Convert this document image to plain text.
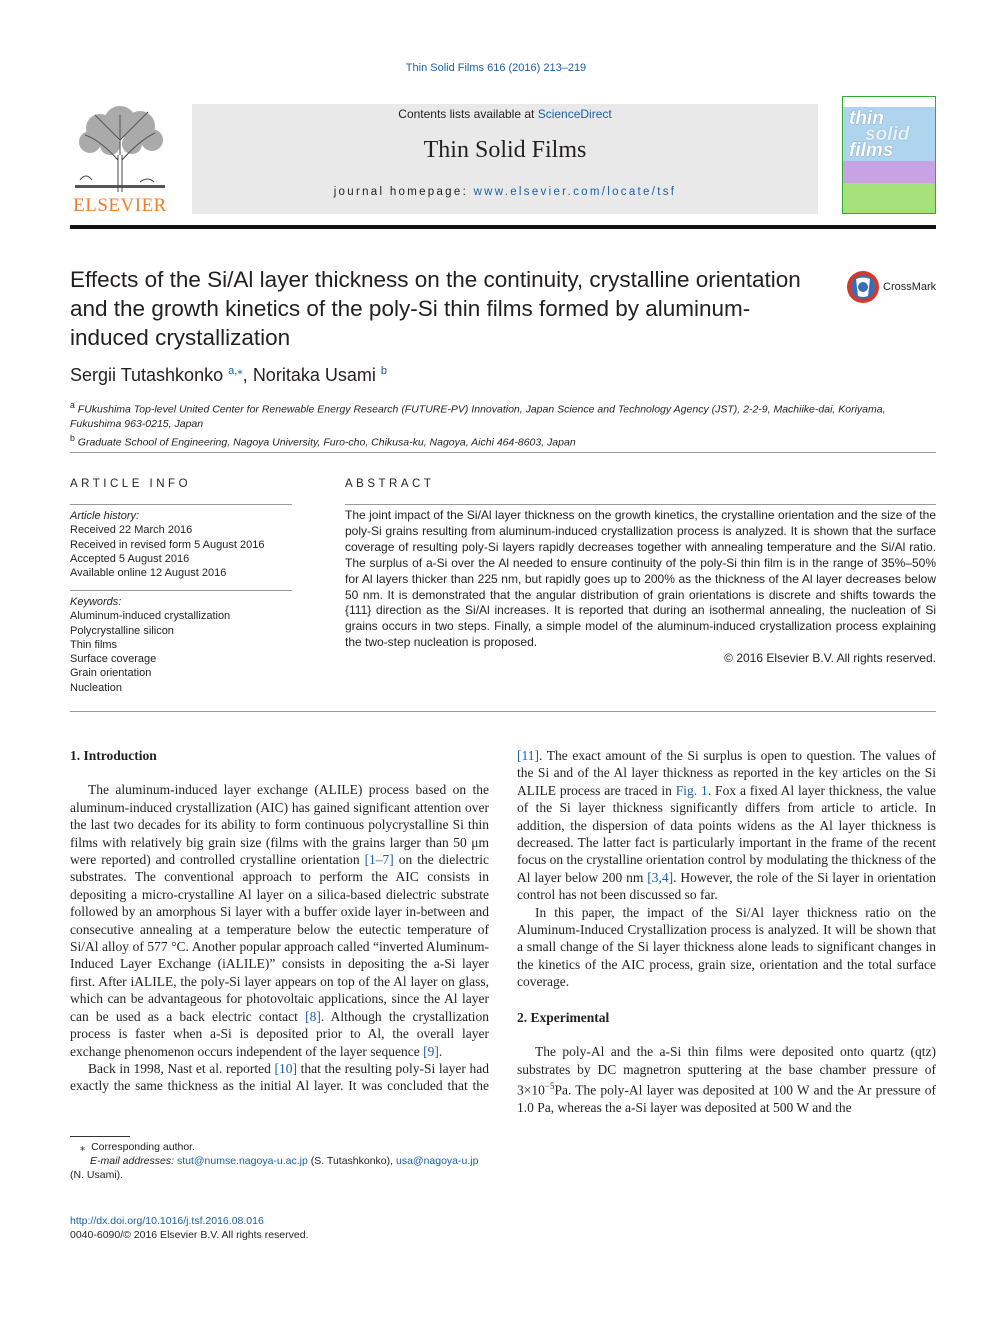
Thin Solid Films 616 (2016) 213–219
ELSEVIER
Contents lists available at ScienceDirect
Thin Solid Films
journal homepage: www.elsevier.com/locate/tsf
thin
solid
films
Effects of the Si/Al layer thickness on the continuity, crystalline orientation and the growth kinetics of the poly-Si thin films formed by aluminum-induced crystallization
CrossMark
Sergii Tutashkonko $^{a,⁎}$, Noritaka Usami $^b$
$^a$ FUkushima Top-level United Center for Renewable Energy Research (FUTURE-PV) Innovation, Japan Science and Technology Agency (JST), 2-2-9, Machiike-dai, Koriyama, Fukushima 963-0215, Japan
$^b$ Graduate School of Engineering, Nagoya University, Furo-cho, Chikusa-ku, Nagoya, Aichi 464-8603, Japan
ARTICLE INFO
Article history:
Received 22 March 2016
Received in revised form 5 August 2016
Accepted 5 August 2016
Available online 12 August 2016
Keywords:
Aluminum-induced crystallization
Polycrystalline silicon
Thin films
Surface coverage
Grain orientation
Nucleation
ABSTRACT
The joint impact of the Si/Al layer thickness on the growth kinetics, the crystalline orientation and the size of the poly-Si grains resulting from aluminum-induced crystallization process is analyzed. It is shown that the surface coverage of resulting poly-Si layers rapidly decreases together with annealing temperature and the Si/Al ratio. The surplus of a-Si over the Al needed to ensure continuity of the poly-Si thin film is in the range of 35%–50% for Al layers thicker than 225 nm, but rapidly goes up to 200% as the thickness of the Al layer decreases below 50 nm. It is demonstrated that the angular distribution of grain orientations is discrete and shifts towards the {111} direction as the Si/Al increases. It is reported that during an isothermal annealing, the nucleation of Si grains occurs in two steps. Finally, a simple model of the aluminum-induced crystallization process explaining the two-step nucleation is proposed.
© 2016 Elsevier B.V. All rights reserved.
1. Introduction

The aluminum-induced layer exchange (ALILE) process based on the aluminum-induced crystallization (AIC) has gained significant attention over the last two decades for its ability to form continuous polycrystalline Si thin films with relatively big grain size (films with the grains larger than 50 μm were reported) and controlled crystalline orientation [1–7] on the dielectric substrates. The conventional approach to perform the AIC consists in depositing a micro-crystalline Al layer on a silica-based dielectric substrate followed by an amorphous Si layer with a buffer oxide layer in-between and consecutive annealing at a temperature below the eutectic temperature of Si/Al alloy of 577 °C. Another popular approach called “inverted Aluminum-Induced Layer Exchange (iALILE)” consists in depositing the a-Si layer first. After iALILE, the poly-Si layer appears on top of the Al layer on glass, which can be advantageous for photovoltaic applications, since the Al layer can be used as a back electric contact [8]. Although the crystallization process is faster when a-Si is deposited prior to Al, the overall layer exchange phenomenon occurs independent of the layer sequence [9].

Back in 1998, Nast et al. reported [10] that the resulting poly-Si layer had exactly the same thickness as the initial Al layer. It was concluded that the

[11]. The exact amount of the Si surplus is open to question. The values of the Si and of the Al layer thickness as reported in the key articles on the Si ALILE process are traced in Fig. 1. Fox a fixed Al layer thickness, the value of the Si layer thickness significantly differs from article to article. In addition, the dispersion of data points widens as the Al layer thickness is decreased. The latter fact is particularly important in the frame of the recent focus on the crystalline orientation control by modulating the thickness of the Al layer below 200 nm [3,4]. However, the role of the Si layer in orientation control has not been discussed so far.

In this paper, the impact of the Si/Al layer thickness ratio on the Aluminum-Induced Crystallization process is analyzed. It will be shown that a small change of the Si layer thickness alone leads to significant changes in the kinetics of the AIC process, grain size, orientation and the total surface coverage.

2. Experimental

The poly-Al and the a-Si thin films were deposited onto quartz (qtz) substrates by DC magnetron sputtering at the base chamber pressure of $3\times 10^{-5}Pa$. The poly-Al layer was deposited at 100 W and the Ar pressure of 1.0 Pa, whereas the a-Si layer was deposited at 500 W and the

⁎ Corresponding author.
E-mail addresses: stut@numse.nagoya-u.ac.jp (S. Tutashkonko), usa@nagoya-u.jp
(N. Usami).
http://dx.doi.org/10.1016/j.tsf.2016.08.016
0040-6090/© 2016 Elsevier B.V. All rights reserved.
